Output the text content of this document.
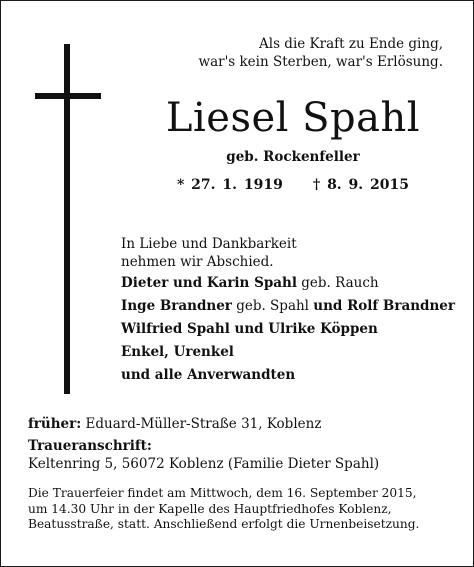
Als die Kraft zu Ende ging,
war's kein Sterben, war's Erlösung.
Liesel Spahl
geb. Rockenfeller
* 27. 1. 1919 † 8. 9. 2015
In Liebe und Dankbarkeit
nehmen wir Abschied.
Dieter und Karin Spahl geb. Rauch
Inge Brandner geb. Spahl und Rolf Brandner
Wilfried Spahl und Ulrike Köppen
Enkel, Urenkel
und alle Anverwandten
früher: Eduard-Müller-Straße 31, Koblenz
Traueranschrift:
Keltenring 5, 56072 Koblenz (Familie Dieter Spahl)
Die Trauerfeier findet am Mittwoch, dem 16. September 2015,
um 14.30 Uhr in der Kapelle des Hauptfriedhofes Koblenz,
Beatusstraße, statt. Anschließend erfolgt die Urnenbeisetzung.
